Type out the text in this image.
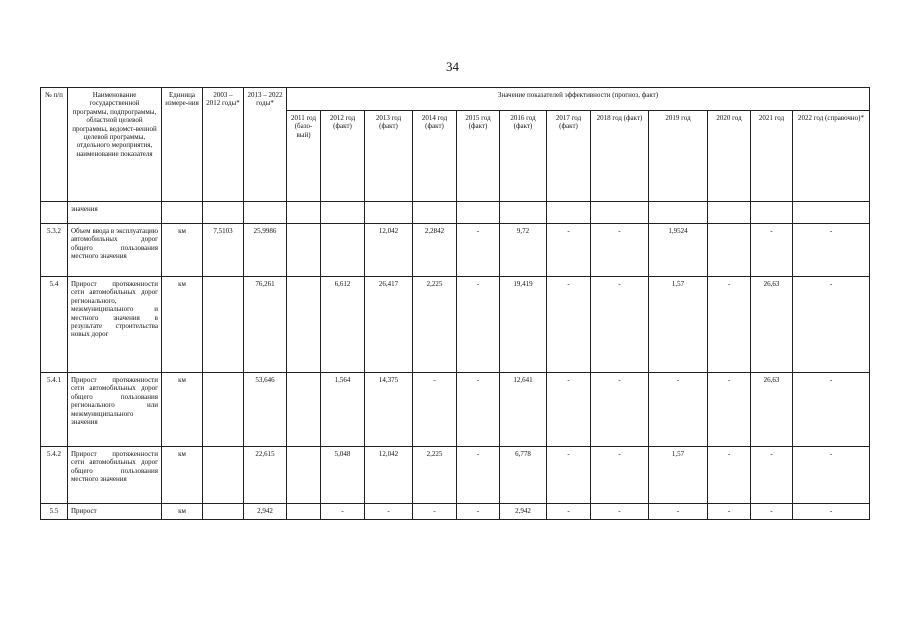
34
№ п/п	Наименование государственной программы, подпрограммы, областной целевой программы, ведомст-венной целевой программы, отдельного мероприятия, наименование показателя	Единица измере-ния	2003 – 2012 годы*	2013 – 2022 годы*	Значение показателей эффективности (прогноз, факт)											
					2011 год (базо-вый)	2012 год (факт)	2013 год (факт)	2014 год (факт)	2015 год (факт)	2016 год (факт)	2017 год (факт)	2018 год (факт)	2019 год	2020 год	2021 год	2022 год (справочно)*
	значения															
5.3.2	Объем ввода в эксплуатацию автомобильных дорог общего пользования местного значения	км	7,5103	25,9986			12,042	2,2842	-	9,72	-	-	1,9524		-	-
5.4	Прирост протяженности сети автомобильных дорог регионального, межмуниципального и местного значения в результате строительства новых дорог	км		76,261		6,612	26,417	2,225	-	19,419	-	-	1,57	-	26,63	-
5.4.1	Прирост протяженности сети автомобильных дорог общего пользования регионального или межмуниципального значения	км		53,646		1,564	14,375	-	-	12,641	-	-	-	-	26,63	-
5.4.2	Прирост протяженности сети автомобильных дорог общего пользования местного значения	км		22,615		5,048	12,042	2,225	-	6,778	-	-	1,57	-	-	-
5.5	Прирост	км		2,942		-	-	-	-	2,942	-	-	-	-	-	-
